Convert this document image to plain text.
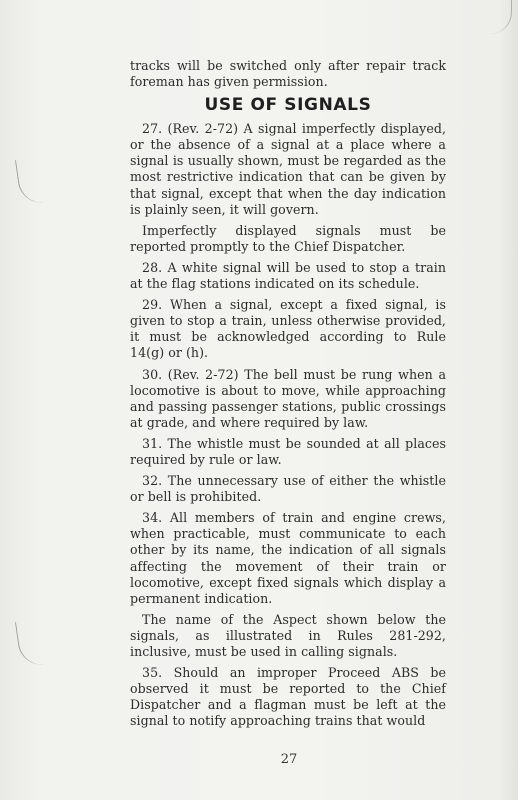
tracks will be switched only after repair track foreman has given permission.

USE OF SIGNALS

27. (Rev. 2-72) A signal imperfectly displayed, or the absence of a signal at a place where a signal is usually shown, must be regarded as the most restrictive indication that can be given by that signal, except that when the day indication is plainly seen, it will govern.

Imperfectly displayed signals must be reported promptly to the Chief Dispatcher.

28. A white signal will be used to stop a train at the flag stations indicated on its schedule.

29. When a signal, except a fixed signal, is given to stop a train, unless otherwise provided, it must be acknowledged according to Rule 14(g) or (h).

30. (Rev. 2-72) The bell must be rung when a locomotive is about to move, while approaching and passing passenger stations, public crossings at grade, and where required by law.

31. The whistle must be sounded at all places required by rule or law.

32. The unnecessary use of either the whistle or bell is prohibited.

34. All members of train and engine crews, when practicable, must communicate to each other by its name, the indication of all signals affecting the movement of their train or locomotive, except fixed signals which display a permanent indication.

The name of the Aspect shown below the signals, as illustrated in Rules 281-292, inclusive, must be used in calling signals.

35. Should an improper Proceed ABS be observed it must be reported to the Chief Dispatcher and a flagman must be left at the signal to notify approaching trains that would

27
